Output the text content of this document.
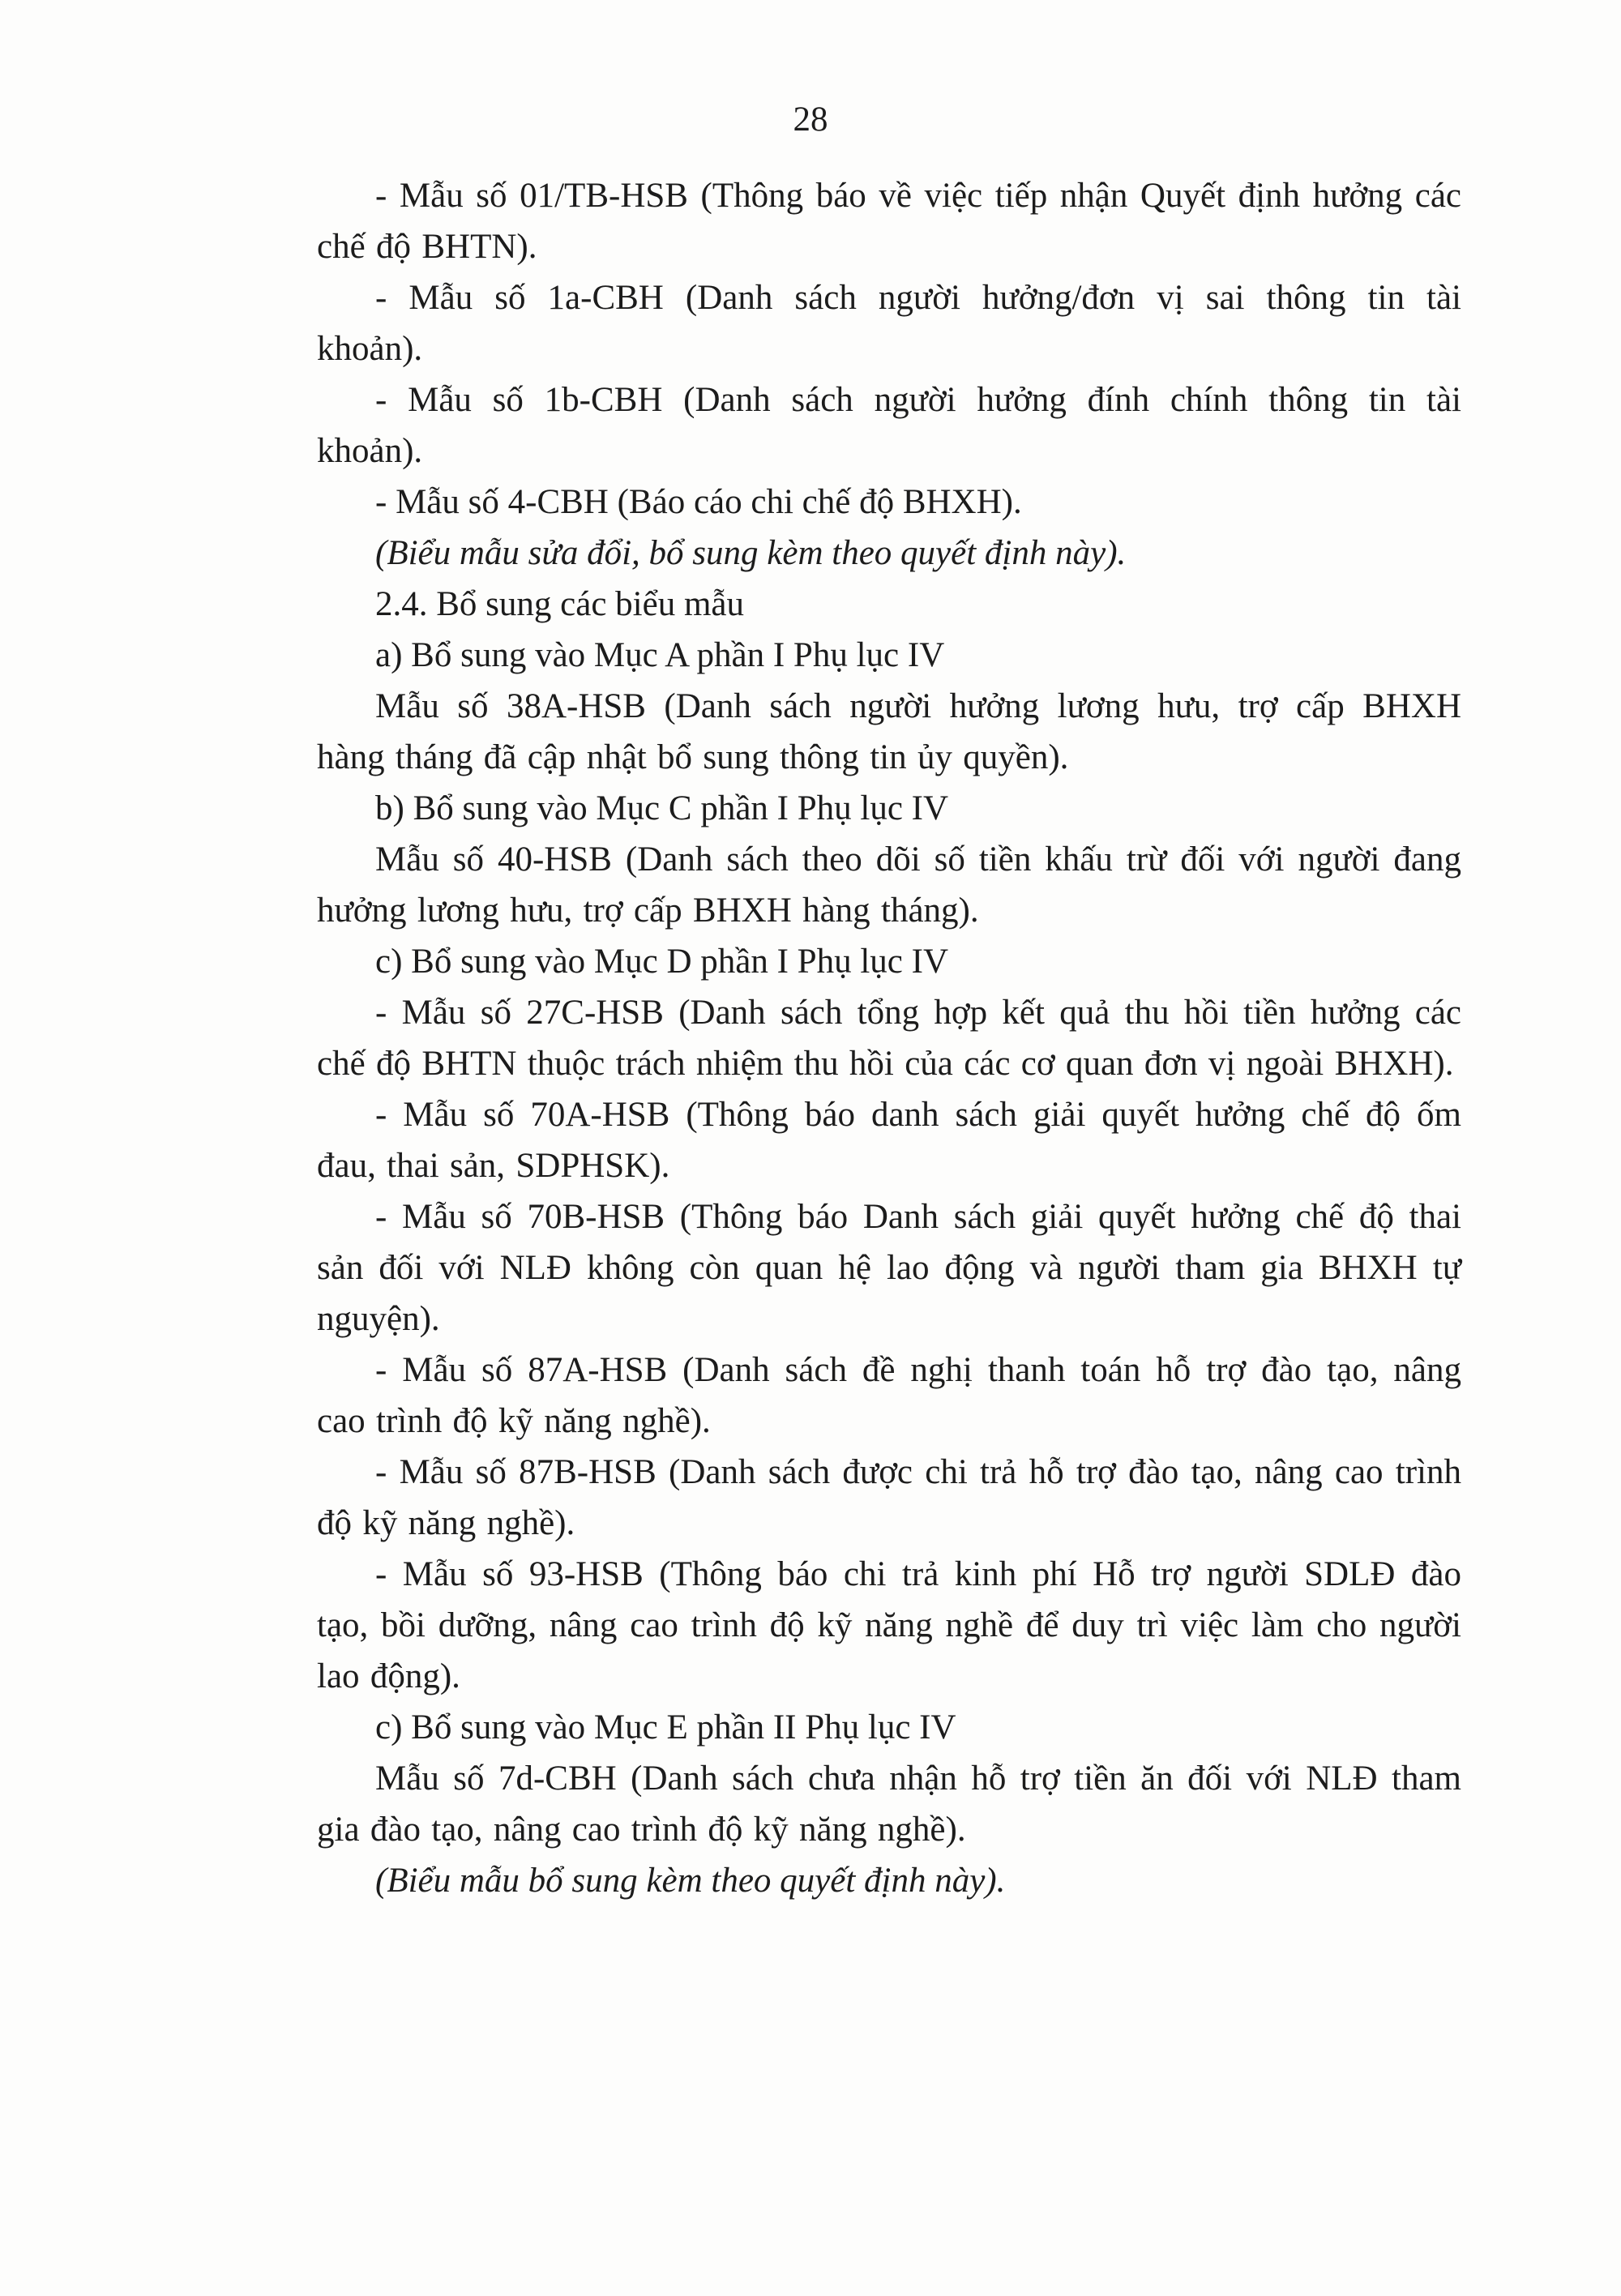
28

- Mẫu số 01/TB-HSB (Thông báo về việc tiếp nhận Quyết định hưởng các
chế độ BHTN).

- Mẫu số 1a-CBH (Danh sách người hưởng/đơn vị sai thông tin tài
khoản).

- Mẫu số 1b-CBH (Danh sách người hưởng đính chính thông tin tài
khoản).

- Mẫu số 4-CBH (Báo cáo chi chế độ BHXH).

(Biểu mẫu sửa đổi, bổ sung kèm theo quyết định này).

2.4. Bổ sung các biểu mẫu

a) Bổ sung vào Mục A phần I Phụ lục IV

Mẫu số 38A-HSB (Danh sách người hưởng lương hưu, trợ cấp BHXH
hàng tháng đã cập nhật bổ sung thông tin ủy quyền).

b) Bổ sung vào Mục C phần I Phụ lục IV

Mẫu số 40-HSB (Danh sách theo dõi số tiền khấu trừ đối với người đang
hưởng lương hưu, trợ cấp BHXH hàng tháng).

c) Bổ sung vào Mục D phần I Phụ lục IV

- Mẫu số 27C-HSB (Danh sách tổng hợp kết quả thu hồi tiền hưởng các
chế độ BHTN thuộc trách nhiệm thu hồi của các cơ quan đơn vị ngoài BHXH).

- Mẫu số 70A-HSB (Thông báo danh sách giải quyết hưởng chế độ ốm
đau, thai sản, SDPHSK).

- Mẫu số 70B-HSB (Thông báo Danh sách giải quyết hưởng chế độ thai
sản đối với NLĐ không còn quan hệ lao động và người tham gia BHXH tự
nguyện).

- Mẫu số 87A-HSB (Danh sách đề nghị thanh toán hỗ trợ đào tạo, nâng
cao trình độ kỹ năng nghề).

- Mẫu số 87B-HSB (Danh sách được chi trả hỗ trợ đào tạo, nâng cao trình
độ kỹ năng nghề).

- Mẫu số 93-HSB (Thông báo chi trả kinh phí Hỗ trợ người SDLĐ đào
tạo, bồi dưỡng, nâng cao trình độ kỹ năng nghề để duy trì việc làm cho người
lao động).

c) Bổ sung vào Mục E phần II Phụ lục IV

Mẫu số 7d-CBH (Danh sách chưa nhận hỗ trợ tiền ăn đối với NLĐ tham
gia đào tạo, nâng cao trình độ kỹ năng nghề).

(Biểu mẫu bổ sung kèm theo quyết định này).
